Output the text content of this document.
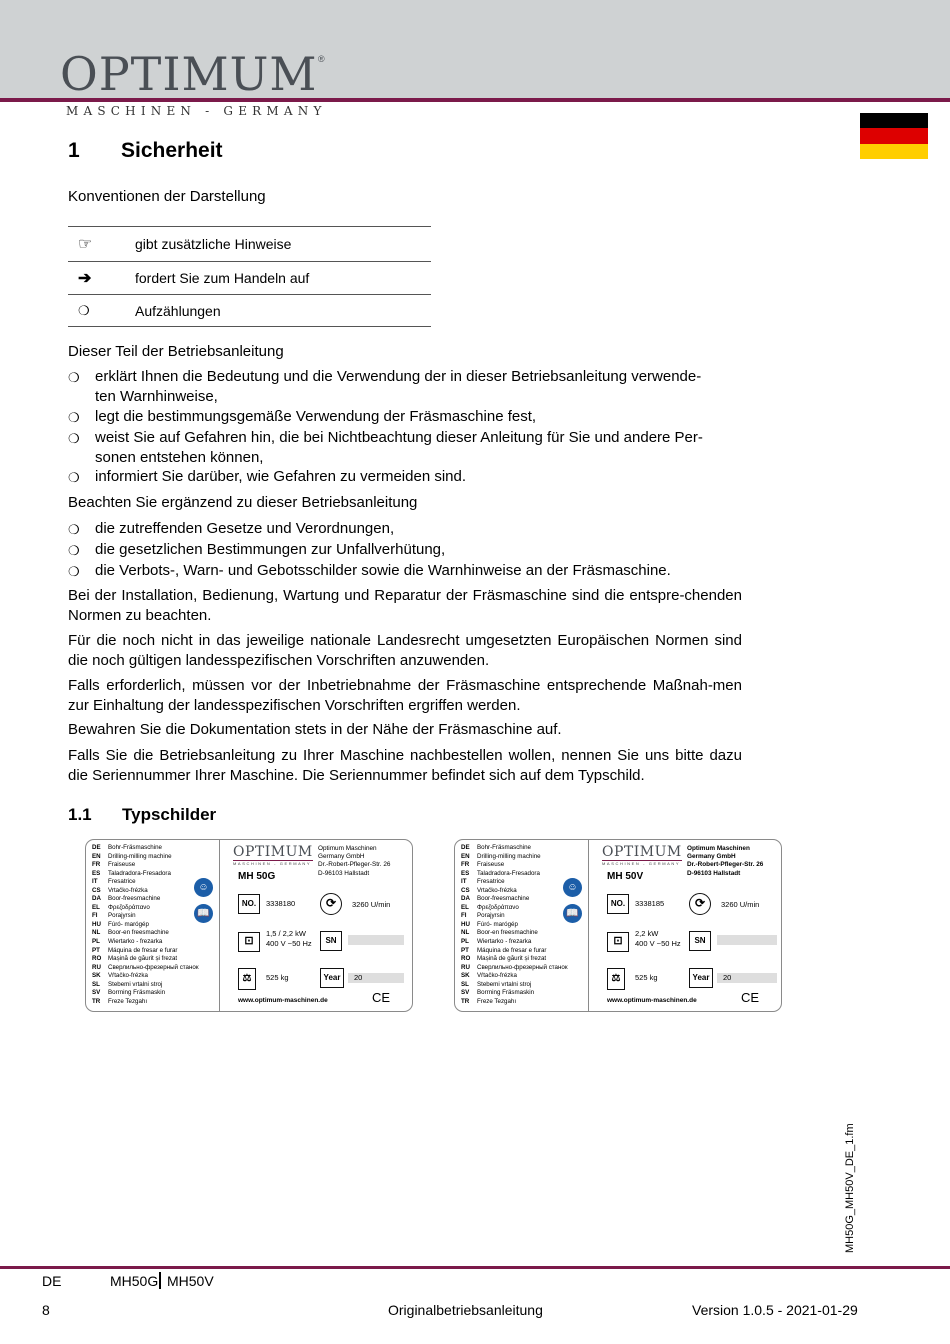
OPTIMUM ®
MASCHINEN - GERMANY
1 Sicherheit
Konventionen der Darstellung
☞	gibt zusätzliche Hinweise
➔	fordert Sie zum Handeln auf
❍	Aufzählungen
Dieser Teil der Betriebsanleitung
❍ erklärt Ihnen die Bedeutung und die Verwendung der in dieser Betriebsanleitung verwende-
ten Warnhinweise,
❍ legt die bestimmungsgemäße Verwendung der Fräsmaschine fest,
❍ weist Sie auf Gefahren hin, die bei Nichtbeachtung dieser Anleitung für Sie und andere Per-
sonen entstehen können,
❍ informiert Sie darüber, wie Gefahren zu vermeiden sind.
Beachten Sie ergänzend zu dieser Betriebsanleitung
❍ die zutreffenden Gesetze und Verordnungen,
❍ die gesetzlichen Bestimmungen zur Unfallverhütung,
❍ die Verbots-, Warn- und Gebotsschilder sowie die Warnhinweise an der Fräsmaschine.
Bei der Installation, Bedienung, Wartung und Reparatur der Fräsmaschine sind die entspre-chenden Normen zu beachten.
Für die noch nicht in das jeweilige nationale Landesrecht umgesetzten Europäischen Normen sind die noch gültigen landesspezifischen Vorschriften anzuwenden.
Falls erforderlich, müssen vor der Inbetriebnahme der Fräsmaschine entsprechende Maßnah-men zur Einhaltung der landesspezifischen Vorschriften ergriffen werden.
Bewahren Sie die Dokumentation stets in der Nähe der Fräsmaschine auf.
Falls Sie die Betriebsanleitung zu Ihrer Maschine nachbestellen wollen, nennen Sie uns bitte dazu die Seriennummer Ihrer Maschine. Die Seriennummer befindet sich auf dem Typschild.
1.1 Typschilder
DE Bohr-Fräsmaschine
EN Drilling-milling machine
FR Fraiseuse
ES Taladradora-Fresadora
IT Fresatrice
CS Vrtačko-frézka
DA Boor-freesmachine
EL Φρεζοδράπανο
FI Porajyrsin
HU Fúró- marógép
NL Boor-en freesmachine
PL Wiertarko - frezarka
PT Máquina de fresar e furar
RO Mașină de găurit și frezat
RU Сверлильно-фрезерный станок
SK Vŕtačko-frézka
SL Stebemi vrtalni stroj
SV Borrning Fräsmaskin
TR Freze Tezgahı
☺
📖
OPTIMUM
MASCHINEN - GERMANY
Optimum Maschinen
Germany GmbH
Dr.-Robert-Pfleger-Str. 26
D-96103 Hallstadt
MH 50G
NO.	3338180	⟳	3260 U/min
⊡
1,5 / 2,2 kW
400 V ~50 Hz	SN
⚖	525 kg	Year	20
www.optimum-maschinen.de	CE
DE Bohr-Fräsmaschine
EN Drilling-milling machine
FR Fraiseuse
ES Taladradora-Fresadora
IT Fresatrice
CS Vrtačko-frézka
DA Boor-freesmachine
EL Φρεζοδράπανο
FI Porajyrsin
HU Fúró- marógép
NL Boor-en freesmachine
PL Wiertarko - frezarka
PT Máquina de fresar e furar
RO Mașină de găurit și frezat
RU Сверлильно-фрезерный станок
SK Vŕtačko-frézka
SL Stebemi vrtalni stroj
SV Borrning Fräsmaskin
TR Freze Tezgahı
☺
📖
OPTIMUM
MASCHINEN - GERMANY
Optimum Maschinen
Germany GmbH
Dr.-Robert-Pfleger-Str. 26
D-96103 Hallstadt
MH 50V
NO.	3338185	⟳	3260 U/min
⊡
2,2 kW
400 V ~50 Hz	SN
⚖	525 kg	Year	20
www.optimum-maschinen.de	CE
MH50G_MH50V_DE_1.fm
DE	MH50G MH50V
8	Originalbetriebsanleitung	Version 1.0.5 - 2021-01-29
